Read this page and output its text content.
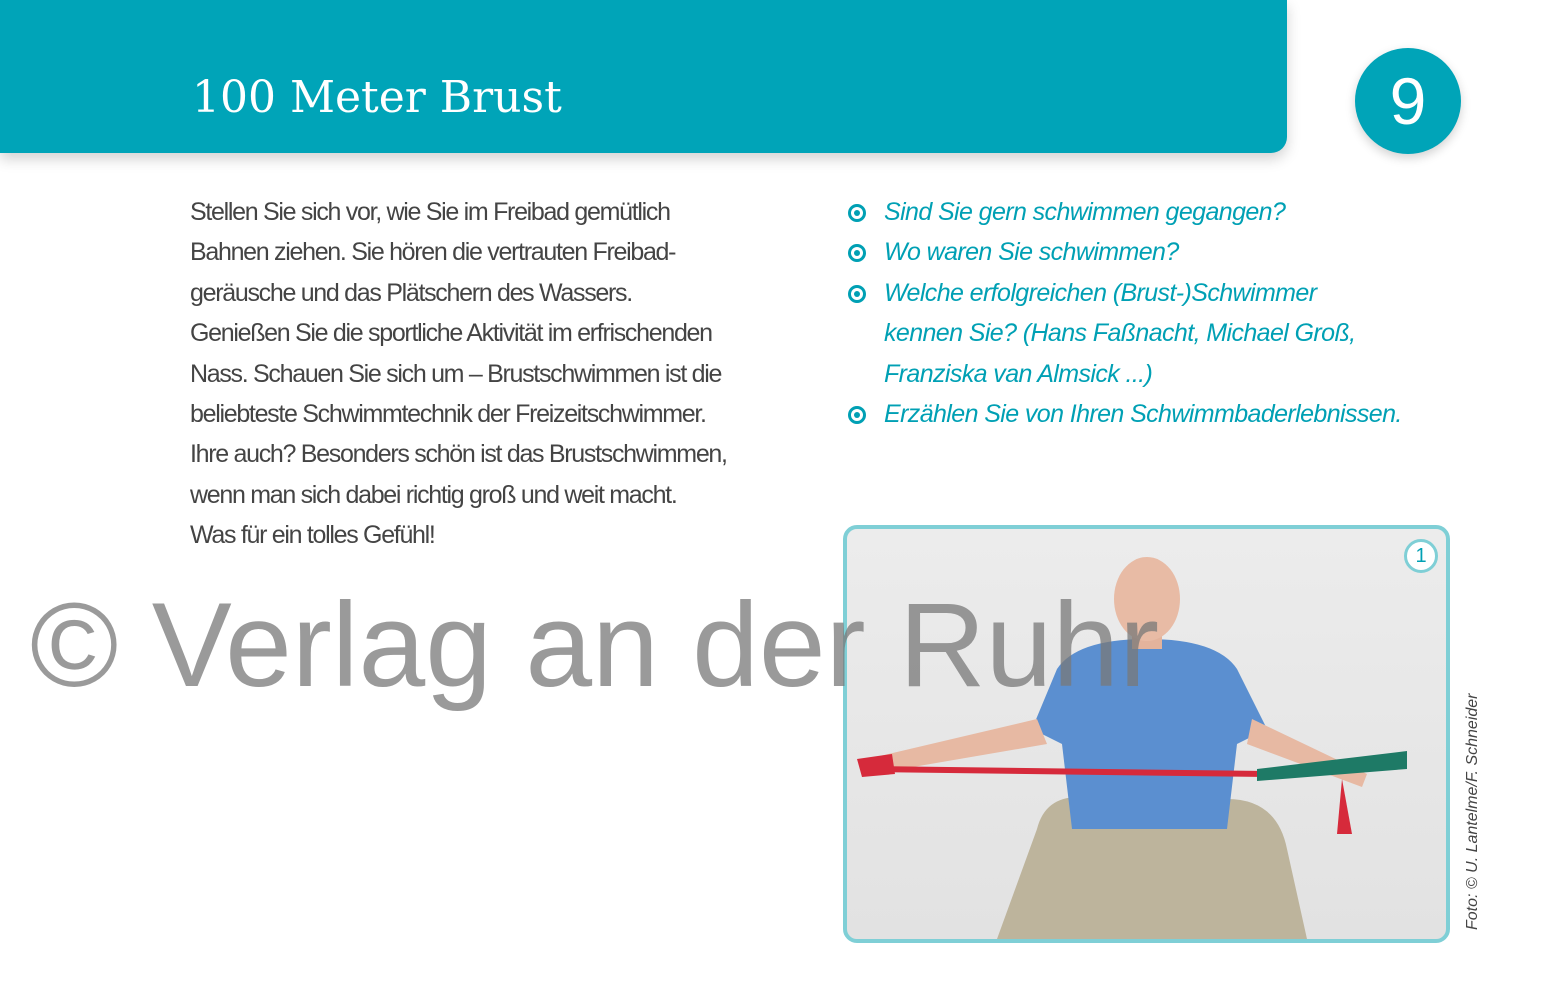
100 Meter Brust	9
Stellen Sie sich vor, wie Sie im Freibad gemütlich
Bahnen ziehen. Sie hören die vertrauten Freibad-
geräusche und das Plätschern des Wassers.
Genießen Sie die sportliche Aktivität im erfrischenden
Nass. Schauen Sie sich um – Brustschwimmen ist die
beliebteste Schwimmtechnik der Freizeitschwimmer.
Ihre auch? Besonders schön ist das Brustschwimmen,
wenn man sich dabei richtig groß und weit macht.
Was für ein tolles Gefühl!
Sind Sie gern schwimmen gegangen?
Wo waren Sie schwimmen?
Welche erfolgreichen (Brust-)Schwimmer
kennen Sie? (Hans Faßnacht, Michael Groß,
Franziska van Almsick ...)
Erzählen Sie von Ihren Schwimmbaderlebnissen.
1
Foto: © U. Lantelme/F. Schneider
© Verlag an der Ruhr
